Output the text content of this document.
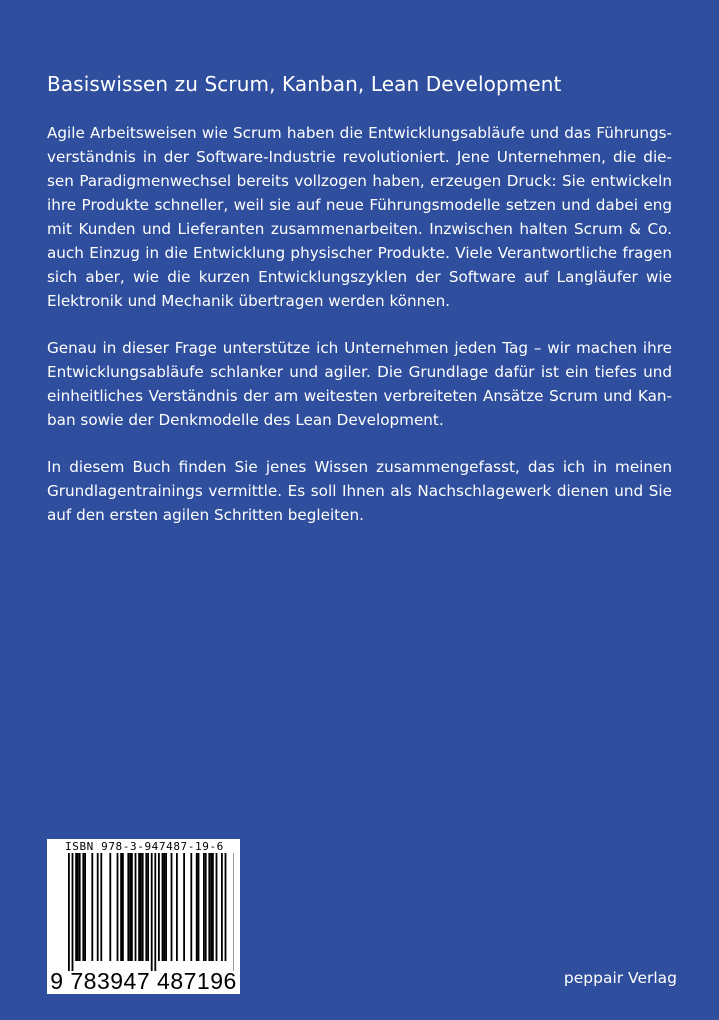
Basiswissen zu Scrum, Kanban, Lean Development

Agile Arbeitsweisen wie Scrum haben die Entwicklungsabläufe und das Führungsverständnis in der Software-Industrie revolutioniert. Jene Unternehmen, die diesen Paradigmenwechsel bereits vollzogen haben, erzeugen Druck: Sie entwickeln ihre Produkte schneller, weil sie auf neue Führungsmodelle setzen und dabei eng mit Kunden und Lieferanten zusammenarbeiten. Inzwischen halten Scrum & Co. auch Einzug in die Entwicklung physischer Produkte. Viele Verantwortliche fragen sich aber, wie die kurzen Entwicklungszyklen der Software auf Langläufer wie Elektronik und Mechanik übertragen werden können.

Genau in dieser Frage unterstütze ich Unternehmen jeden Tag – wir machen ihre Entwicklungsabläufe schlanker und agiler. Die Grundlage dafür ist ein tiefes und einheitliches Verständnis der am weitesten verbreiteten Ansätze Scrum und Kanban sowie der Denkmodelle des Lean Development.

In diesem Buch finden Sie jenes Wissen zusammengefasst, das ich in meinen Grundlagentrainings vermittle. Es soll Ihnen als Nachschlagewerk dienen und Sie auf den ersten agilen Schritten begleiten.

ISBN 978-3-947487-19-6
9 783947 487196	peppair Verlag
